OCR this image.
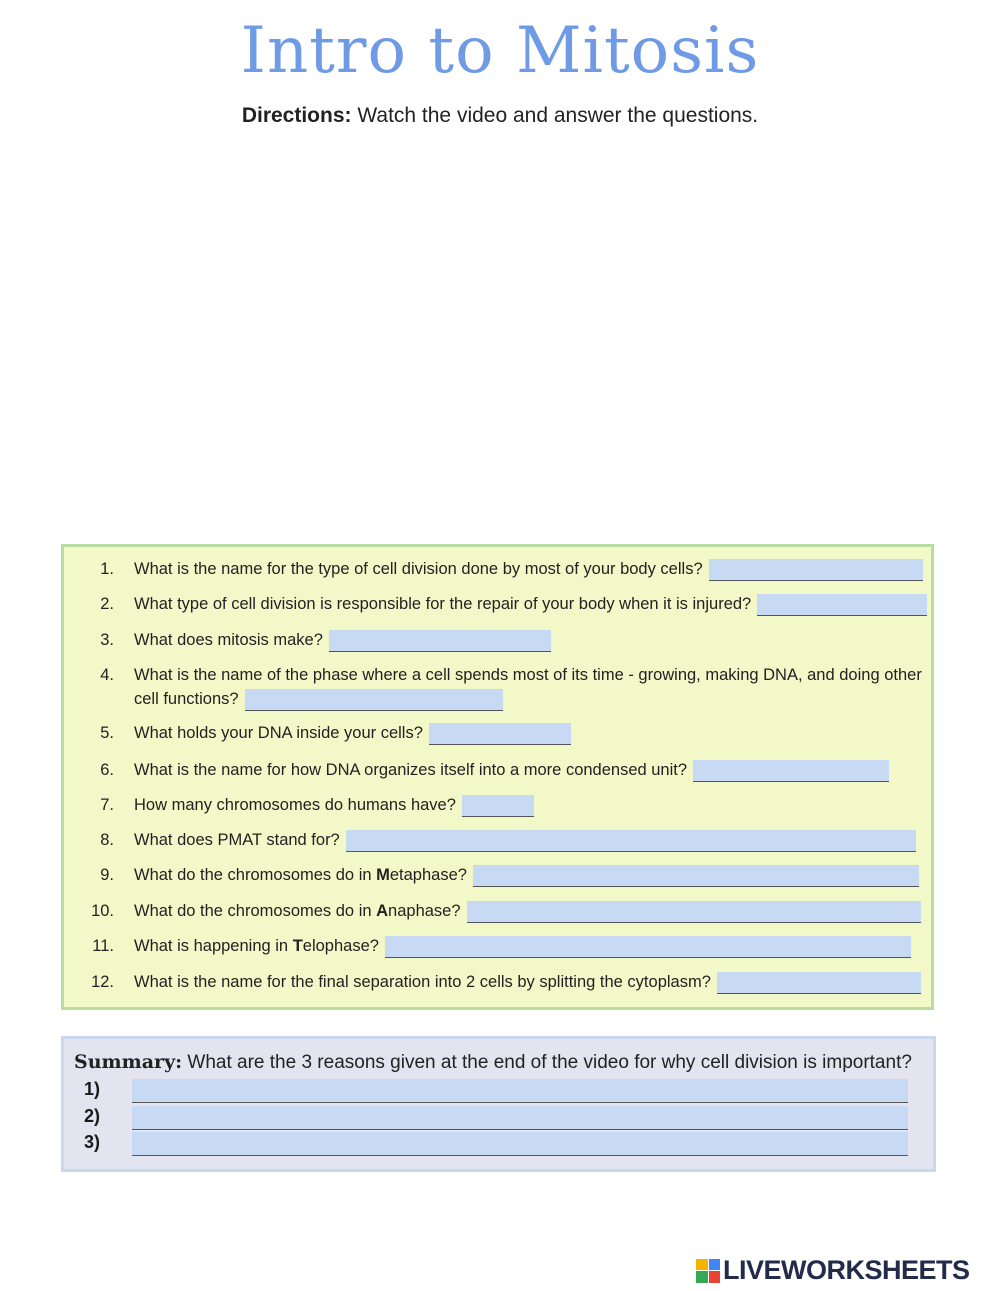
Intro to Mitosis
Directions: Watch the video and answer the questions.
1. What is the name for the type of cell division done by most of your body cells?
2. What type of cell division is responsible for the repair of your body when it is injured?
3. What does mitosis make?
4. What is the name of the phase where a cell spends most of its time - growing, making DNA, and doing other
cell functions?
5. What holds your DNA inside your cells?
6. What is the name for how DNA organizes itself into a more condensed unit?
7. How many chromosomes do humans have?
8. What does PMAT stand for?
9. What do the chromosomes do in Metaphase?
10. What do the chromosomes do in Anaphase?
11. What is happening in Telophase?
12. What is the name for the final separation into 2 cells by splitting the cytoplasm?
Summary: What are the 3 reasons given at the end of the video for why cell division is important?
1)
2)
3)
LIVEWORKSHEETS
